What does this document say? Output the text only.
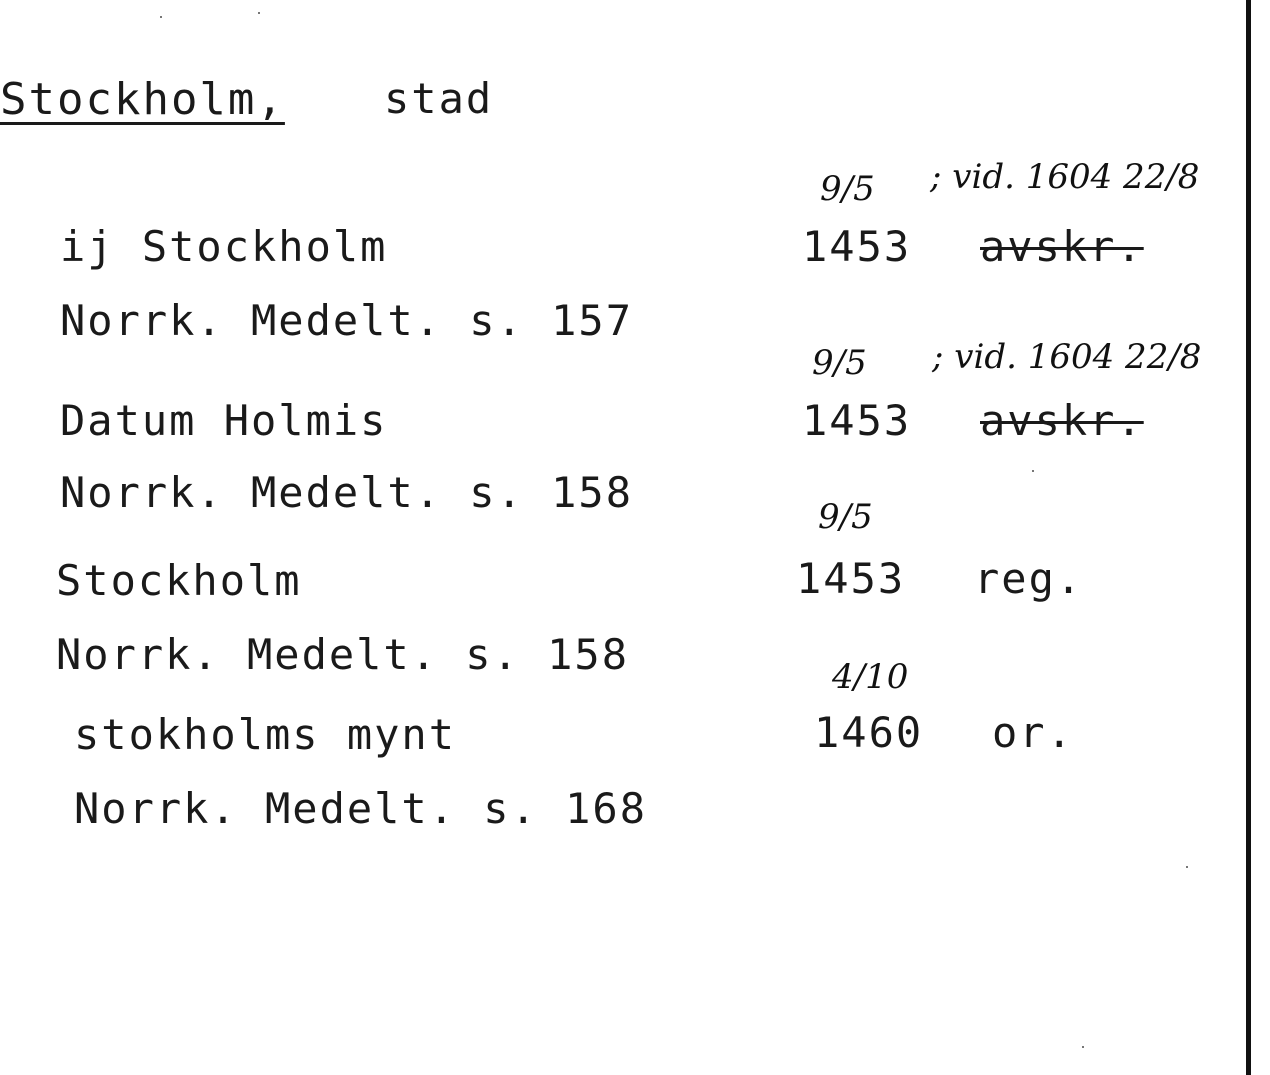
Stockholm, stad
ij Stockholm
Norrk. Medelt. s. 157
9/5 ; vid. 1604 22/8
1453 avskr.
Datum Holmis
Norrk. Medelt. s. 158
9/5 ; vid. 1604 22/8
1453 avskr.
Stockholm
Norrk. Medelt. s. 158
9/5
1453 reg.
stokholms mynt
Norrk. Medelt. s. 168
4/10
1460 or.
